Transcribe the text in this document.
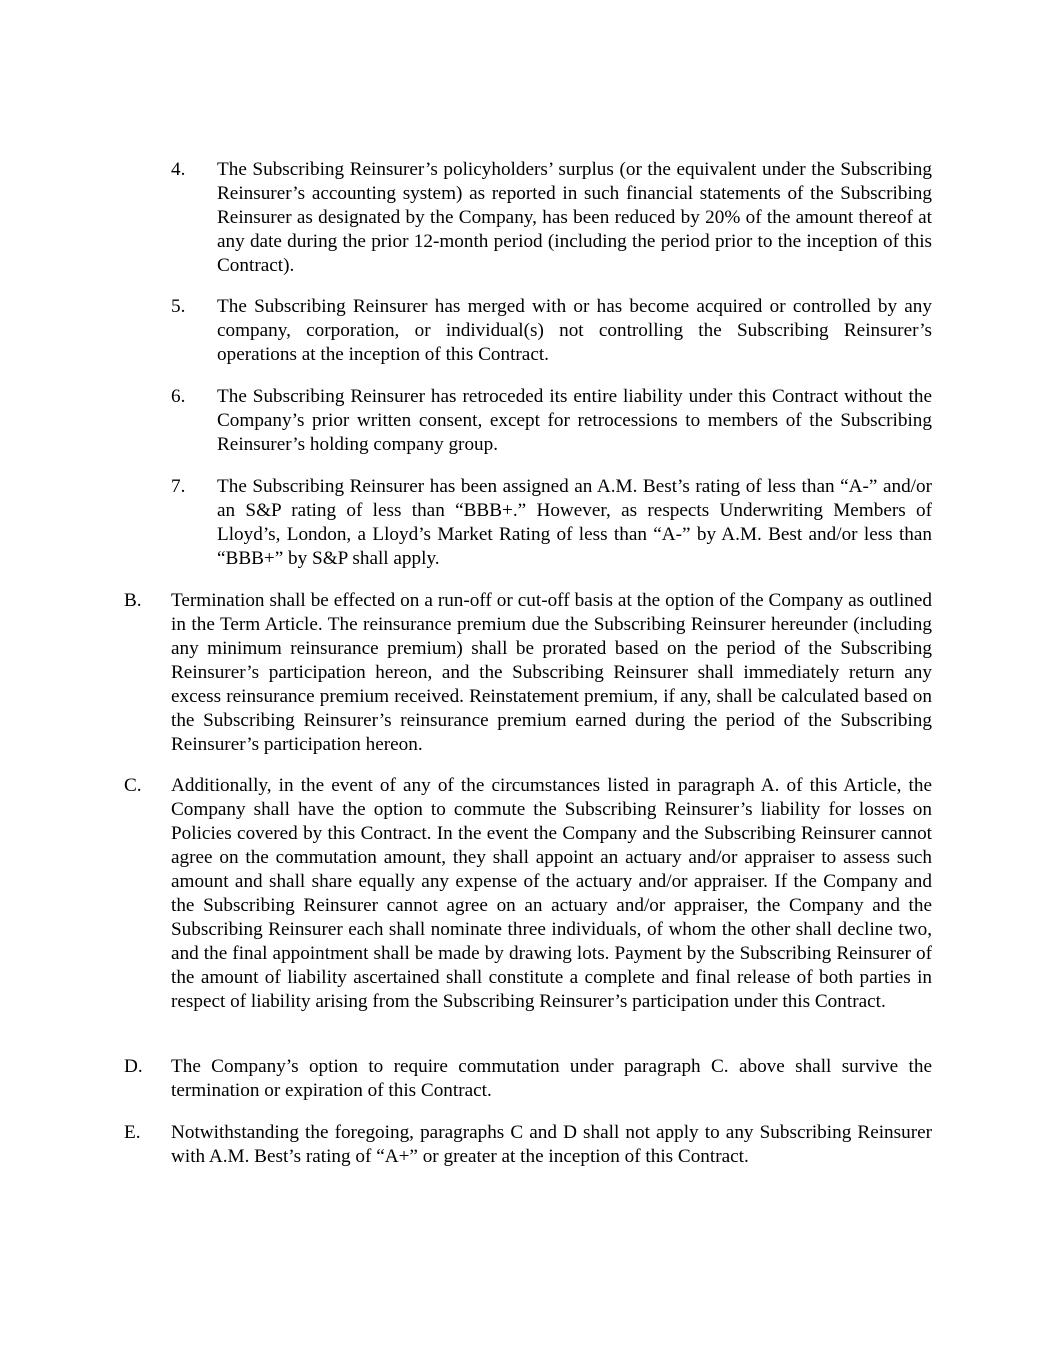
4. The Subscribing Reinsurer’s policyholders’ surplus (or the equivalent under the Subscribing Reinsurer’s accounting system) as reported in such financial statements of the Subscribing Reinsurer as designated by the Company, has been reduced by 20% of the amount thereof at any date during the prior 12-month period (including the period prior to the inception of this Contract).
5. The Subscribing Reinsurer has merged with or has become acquired or controlled by any company, corporation, or individual(s) not controlling the Subscribing Reinsurer’s operations at the inception of this Contract.
6. The Subscribing Reinsurer has retroceded its entire liability under this Contract without the Company’s prior written consent, except for retrocessions to members of the Subscribing Reinsurer’s holding company group.
7. The Subscribing Reinsurer has been assigned an A.M. Best’s rating of less than “A-” and/or an S&P rating of less than “BBB+.” However, as respects Underwriting Members of Lloyd’s, London, a Lloyd’s Market Rating of less than “A-” by A.M. Best and/or less than “BBB+” by S&P shall apply.
B. Termination shall be effected on a run-off or cut-off basis at the option of the Company as outlined in the Term Article. The reinsurance premium due the Subscribing Reinsurer hereunder (including any minimum reinsurance premium) shall be prorated based on the period of the Subscribing Reinsurer’s participation hereon, and the Subscribing Reinsurer shall immediately return any excess reinsurance premium received. Reinstatement premium, if any, shall be calculated based on the Subscribing Reinsurer’s reinsurance premium earned during the period of the Subscribing Reinsurer’s participation hereon.
C. Additionally, in the event of any of the circumstances listed in paragraph A. of this Article, the Company shall have the option to commute the Subscribing Reinsurer’s liability for losses on Policies covered by this Contract. In the event the Company and the Subscribing Reinsurer cannot agree on the commutation amount, they shall appoint an actuary and/or appraiser to assess such amount and shall share equally any expense of the actuary and/or appraiser. If the Company and the Subscribing Reinsurer cannot agree on an actuary and/or appraiser, the Company and the Subscribing Reinsurer each shall nominate three individuals, of whom the other shall decline two, and the final appointment shall be made by drawing lots. Payment by the Subscribing Reinsurer of the amount of liability ascertained shall constitute a complete and final release of both parties in respect of liability arising from the Subscribing Reinsurer’s participation under this Contract.
D. The Company’s option to require commutation under paragraph C. above shall survive the termination or expiration of this Contract.
E. Notwithstanding the foregoing, paragraphs C and D shall not apply to any Subscribing Reinsurer with A.M. Best’s rating of “A+” or greater at the inception of this Contract.
